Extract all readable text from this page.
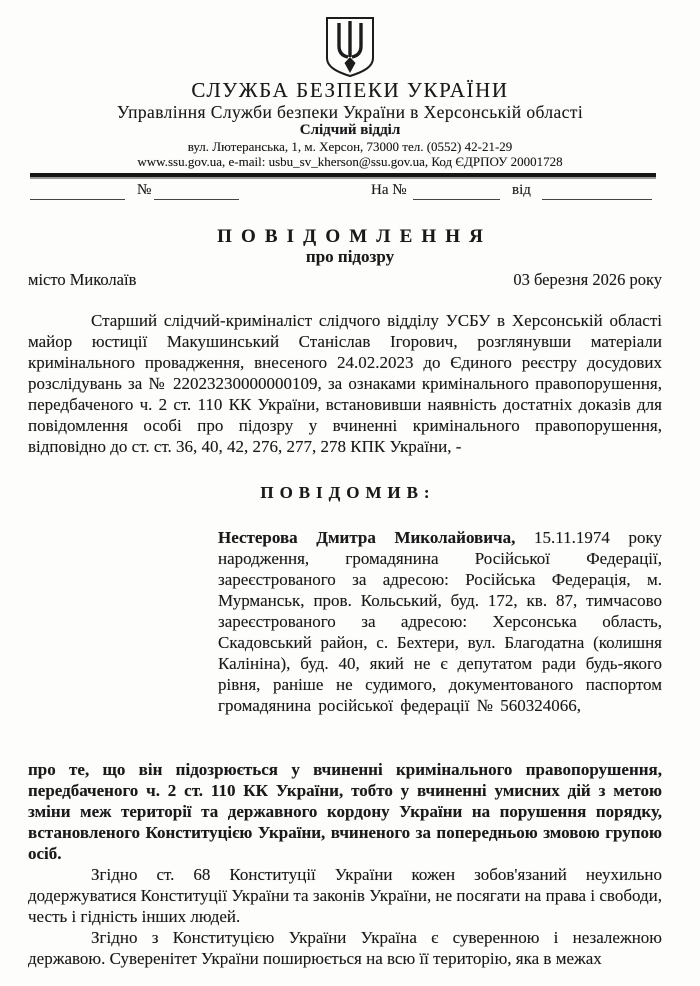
СЛУЖБА БЕЗПЕКИ УКРАЇНИ
Управління Служби безпеки України в Херсонській області
Слідчий відділ
вул. Лютеранська, 1, м. Херсон, 73000 тел. (0552) 42-21-29
www.ssu.gov.ua, e-mail: usbu_sv_kherson@ssu.gov.ua, Код ЄДРПОУ 20001728
№	На №	від
ПОВІДОМЛЕННЯ
про підозру
місто Миколаїв	03 березня 2026 року

Старший слідчий-криміналіст слідчого відділу УСБУ в Херсонській області майор юстиції Макушинський Станіслав Ігорович, розглянувши матеріали кримінального провадження, внесеного 24.02.2023 до Єдиного реєстру досудових розслідувань за № 22023230000000109, за ознаками кримінального правопорушення, передбаченого ч. 2 ст. 110 КК України, встановивши наявність достатніх доказів для повідомлення особі про підозру у вчиненні кримінального правопорушення, відповідно до ст. ст. 36, 40, 42, 276, 277, 278 КПК України, -

ПОВІДОМИВ:
Нестерова Дмитра Миколайовича, 15.11.1974 року народження, громадянина Російської Федерації, зареєстрованого за адресою: Російська Федерація, м. Мурманськ, пров. Кольський, буд. 172, кв. 87, тимчасово зареєстрованого за адресою: Херсонська область, Скадовський район, с. Бехтери, вул. Благодатна (колишня Калініна), буд. 40, який не є депутатом ради будь-якого рівня, раніше не судимого, документованого паспортом громадянина російської федерації № 560324066,

про те, що він підозрюється у вчиненні кримінального правопорушення, передбаченого ч. 2 ст. 110 КК України, тобто у вчиненні умисних дій з метою зміни меж території та державного кордону України на порушення порядку, встановленого Конституцією України, вчиненого за попередньою змовою групою осіб.

Згідно ст. 68 Конституції України кожен зобов'язаний неухильно додержуватися Конституції України та законів України, не посягати на права і свободи, честь і гідність інших людей.

Згідно з Конституцією України Україна є суверенною і незалежною державою. Суверенітет України поширюється на всю її територію, яка в межах
